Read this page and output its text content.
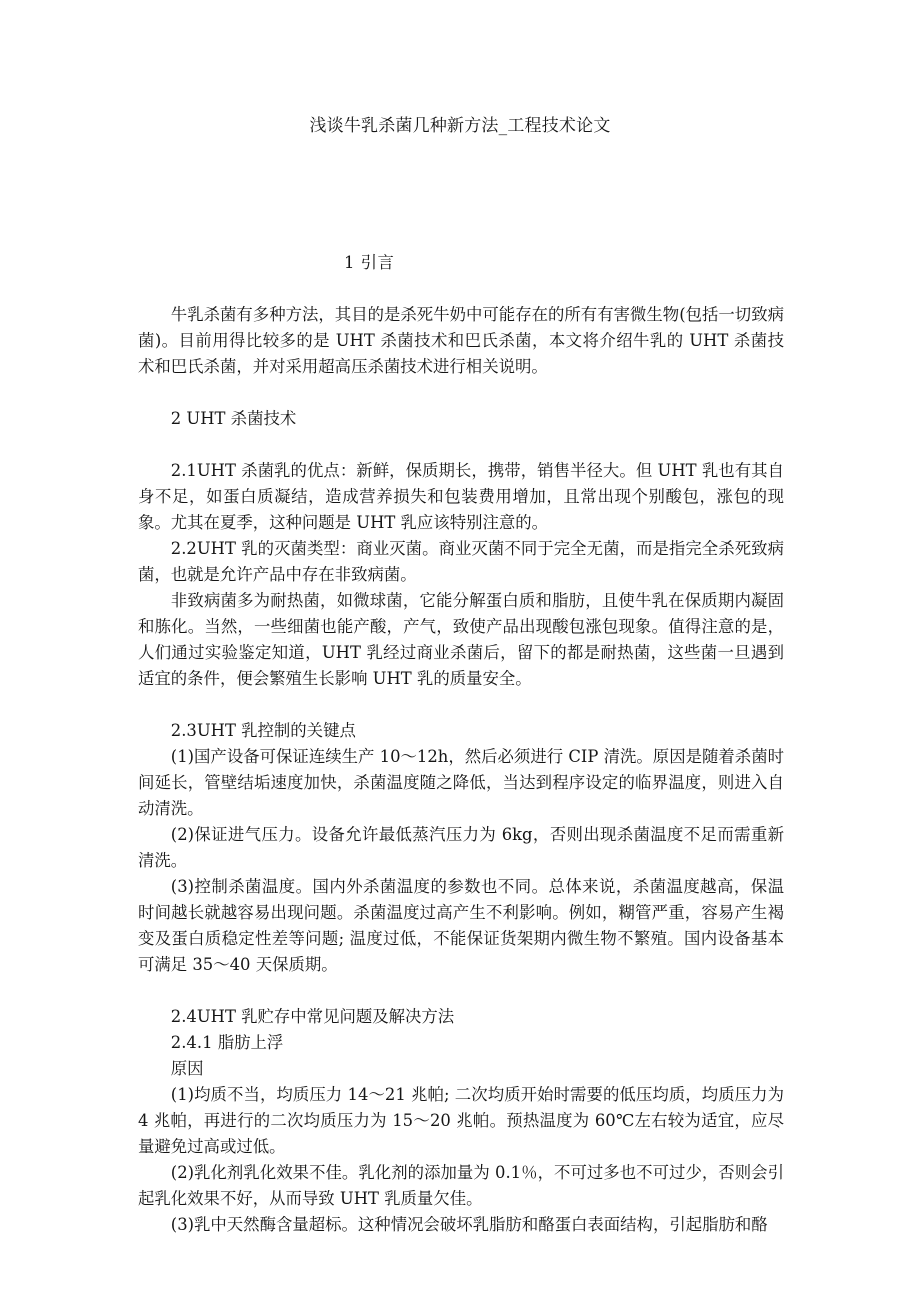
浅谈牛乳杀菌几种新方法_工程技术论文
1 引言

牛乳杀菌有多种方法，其目的是杀死牛奶中可能存在的所有有害微生物(包括一切致病菌)。目前用得比较多的是 UHT 杀菌技术和巴氏杀菌，本文将介绍牛乳的 UHT 杀菌技术和巴氏杀菌，并对采用超高压杀菌技术进行相关说明。

2 UHT 杀菌技术

2.1UHT 杀菌乳的优点：新鲜，保质期长，携带，销售半径大。但 UHT 乳也有其自身不足，如蛋白质凝结，造成营养损失和包装费用增加，且常出现个别酸包，涨包的现象。尤其在夏季，这种问题是 UHT 乳应该特别注意的。

2.2UHT 乳的灭菌类型：商业灭菌。商业灭菌不同于完全无菌，而是指完全杀死致病菌，也就是允许产品中存在非致病菌。

非致病菌多为耐热菌，如微球菌，它能分解蛋白质和脂肪，且使牛乳在保质期内凝固和胨化。当然，一些细菌也能产酸，产气，致使产品出现酸包涨包现象。值得注意的是，人们通过实验鉴定知道，UHT 乳经过商业杀菌后，留下的都是耐热菌，这些菌一旦遇到适宜的条件，便会繁殖生长影响 UHT 乳的质量安全。

2.3UHT 乳控制的关键点

(1)国产设备可保证连续生产 10～12h，然后必须进行 CIP 清洗。原因是随着杀菌时间延长，管壁结垢速度加快，杀菌温度随之降低，当达到程序设定的临界温度，则进入自动清洗。

(2)保证进气压力。设备允许最低蒸汽压力为 6kg，否则出现杀菌温度不足而需重新清洗。

(3)控制杀菌温度。国内外杀菌温度的参数也不同。总体来说，杀菌温度越高，保温时间越长就越容易出现问题。杀菌温度过高产生不利影响。例如，糊管严重，容易产生褐变及蛋白质稳定性差等问题; 温度过低，不能保证货架期内微生物不繁殖。国内设备基本可满足 35～40 天保质期。

2.4UHT 乳贮存中常见问题及解决方法

2.4.1 脂肪上浮

原因

(1)均质不当，均质压力 14～21 兆帕; 二次均质开始时需要的低压均质，均质压力为 4 兆帕，再进行的二次均质压力为 15～20 兆帕。预热温度为 60℃左右较为适宜，应尽量避免过高或过低。

(2)乳化剂乳化效果不佳。乳化剂的添加量为 0.1％，不可过多也不可过少，否则会引起乳化效果不好，从而导致 UHT 乳质量欠佳。

(3)乳中天然酶含量超标。这种情况会破坏乳脂肪和酪蛋白表面结构，引起脂肪和酪
